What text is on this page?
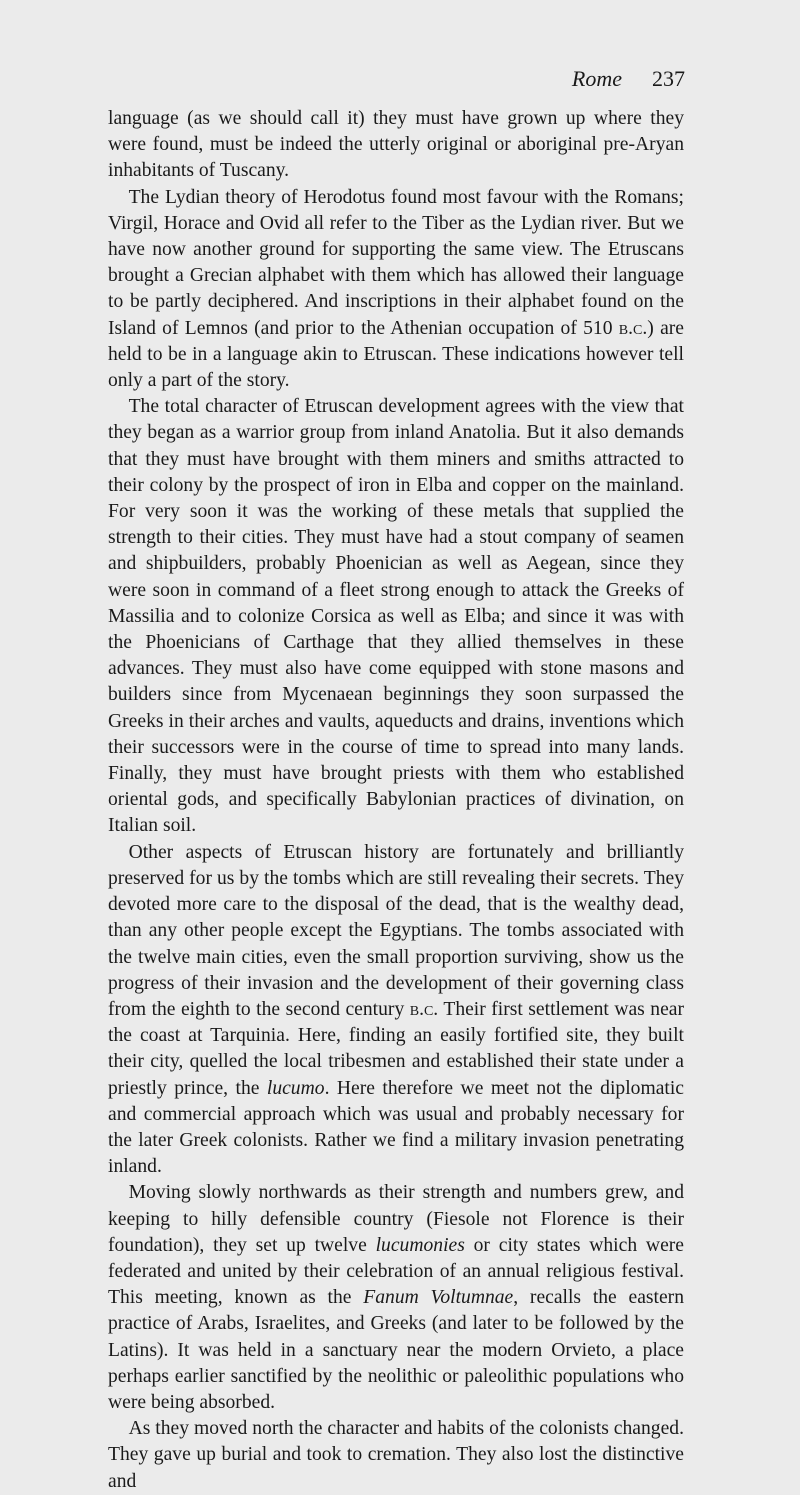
Rome 237

language (as we should call it) they must have grown up where they were found, must be indeed the utterly original or aboriginal pre-Aryan inhabitants of Tuscany.

The Lydian theory of Herodotus found most favour with the Romans; Virgil, Horace and Ovid all refer to the Tiber as the Lydian river. But we have now another ground for supporting the same view. The Etruscans brought a Grecian alphabet with them which has allowed their language to be partly deciphered. And inscriptions in their alphabet found on the Island of Lemnos (and prior to the Athenian occupation of 510 b.c.) are held to be in a language akin to Etruscan. These indications however tell only a part of the story.

The total character of Etruscan development agrees with the view that they began as a warrior group from inland Anatolia. But it also demands that they must have brought with them miners and smiths attracted to their colony by the prospect of iron in Elba and copper on the mainland. For very soon it was the working of these metals that supplied the strength to their cities. They must have had a stout company of seamen and shipbuilders, probably Phoenician as well as Aegean, since they were soon in command of a fleet strong enough to attack the Greeks of Massilia and to colonize Corsica as well as Elba; and since it was with the Phoenicians of Carthage that they allied themselves in these advances. They must also have come equipped with stone masons and builders since from Mycenaean beginnings they soon surpassed the Greeks in their arches and vaults, aqueducts and drains, inventions which their successors were in the course of time to spread into many lands. Finally, they must have brought priests with them who established oriental gods, and specifically Babylonian practices of divination, on Italian soil.

Other aspects of Etruscan history are fortunately and brilliantly preserved for us by the tombs which are still revealing their secrets. They devoted more care to the disposal of the dead, that is the wealthy dead, than any other people except the Egyptians. The tombs associated with the twelve main cities, even the small proportion surviving, show us the progress of their invasion and the development of their governing class from the eighth to the second century b.c. Their first settlement was near the coast at Tarquinia. Here, finding an easily fortified site, they built their city, quelled the local tribesmen and established their state under a priestly prince, the lucumo. Here therefore we meet not the diplomatic and commercial approach which was usual and probably necessary for the later Greek colonists. Rather we find a military invasion penetrating inland.

Moving slowly northwards as their strength and numbers grew, and keeping to hilly defensible country (Fiesole not Florence is their foundation), they set up twelve lucumonies or city states which were federated and united by their celebration of an annual religious festival. This meeting, known as the Fanum Voltumnae, recalls the eastern practice of Arabs, Israelites, and Greeks (and later to be followed by the Latins). It was held in a sanctuary near the modern Orvieto, a place perhaps earlier sanctified by the neolithic or paleolithic populations who were being absorbed.

As they moved north the character and habits of the colonists changed. They gave up burial and took to cremation. They also lost the distinctive and
